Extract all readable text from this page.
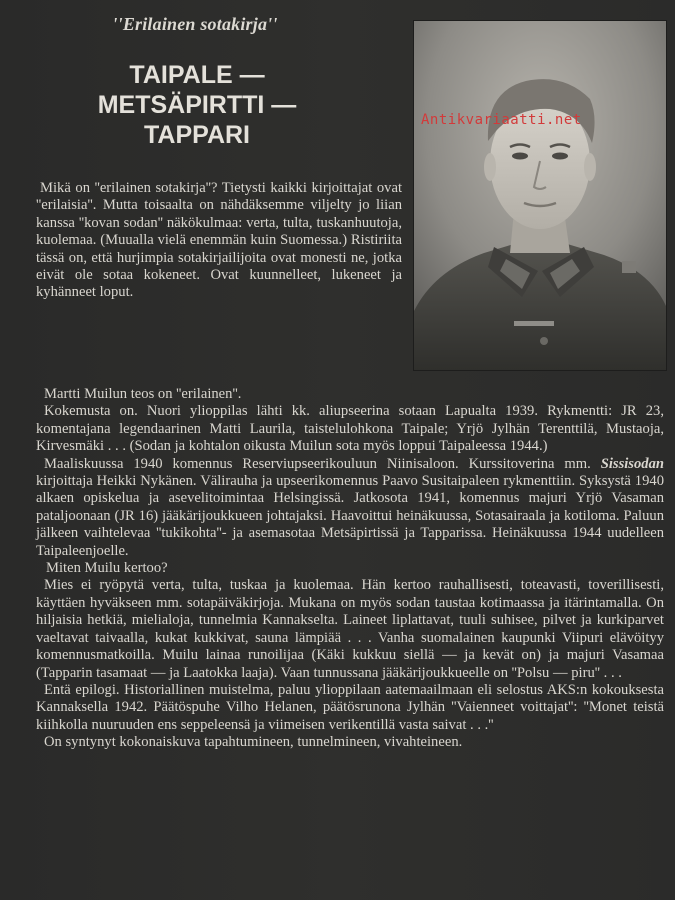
''Erilainen sotakirja''
TAIPALE —
METSÄPIRTTI —
TAPPARI
Antikvariaatti.net
Mikä on ''erilainen sotakirja''? Tietysti kaikki kirjoittajat ovat ''erilaisia''. Mutta toisaalta on nähdäksemme viljelty jo liian kanssa ''kovan sodan'' näkökulmaa: verta, tulta, tuskanhuutoja, kuolemaa. (Muualla vielä enemmän kuin Suomessa.) Ristiriita tässä on, että hurjimpia sotakirjailijoita ovat monesti ne, jotka eivät ole sotaa kokeneet. Ovat kuunnelleet, lukeneet ja kyhänneet loput.

Martti Muilun teos on ''erilainen''.

Kokemusta on. Nuori ylioppilas lähti kk. aliupseerina sotaan Lapualta 1939. Rykmentti: JR 23, komentajana legendaarinen Matti Laurila, taistelulohkona Taipale; Yrjö Jylhän Terenttilä, Mustaoja, Kirvesmäki . . . (Sodan ja kohtalon oikusta Muilun sota myös loppui Taipaleessa 1944.)

Maaliskuussa 1940 komennus Reserviupseerikouluun Niinisaloon. Kurssitoverina mm. Sissisodan kirjoittaja Heikki Nykänen. Välirauha ja upseerikomennus Paavo Susitaipaleen rykmenttiin. Syksystä 1940 alkaen opiskelua ja asevelitoimintaa Helsingissä. Jatkosota 1941, komennus majuri Yrjö Vasaman pataljoonaan (JR 16) jääkärijoukkueen johtajaksi. Haavoittui heinäkuussa, Sotasairaala ja kotiloma. Paluun jälkeen vaihtelevaa ''tukikohta''- ja asemasotaa Metsäpirtissä ja Tapparissa. Heinäkuussa 1944 uudelleen Taipaleenjoelle.

Miten Muilu kertoo?

Mies ei ryöpytä verta, tulta, tuskaa ja kuolemaa. Hän kertoo rauhallisesti, toteavasti, toverillisesti, käyttäen hyväkseen mm. sotapäiväkirjoja. Mukana on myös sodan taustaa kotimaassa ja itärintamalla. On hiljaisia hetkiä, mielialoja, tunnelmia Kannakselta. Laineet liplattavat, tuuli suhisee, pilvet ja kurkiparvet vaeltavat taivaalla, kukat kukkivat, sauna lämpiää . . . Vanha suomalainen kaupunki Viipuri elävöityy komennusmatkoilla. Muilu lainaa runoilijaa (Käki kukkuu siellä — ja kevät on) ja majuri Vasamaa (Tapparin tasamaat — ja Laatokka laaja). Vaan tunnussana jääkärijoukkueelle on ''Polsu — piru'' . . .

Entä epilogi. Historiallinen muistelma, paluu ylioppilaan aatemaailmaan eli selostus AKS:n kokouksesta Kannaksella 1942. Päätöspuhe Vilho Helanen, päätösrunona Jylhän ''Vaienneet voittajat'': ''Monet teistä kiihkolla nuuruuden ens seppeleensä ja viimeisen verikentillä vasta saivat . . .''

On syntynyt kokonaiskuva tapahtumineen, tunnelmineen, vivahteineen.
